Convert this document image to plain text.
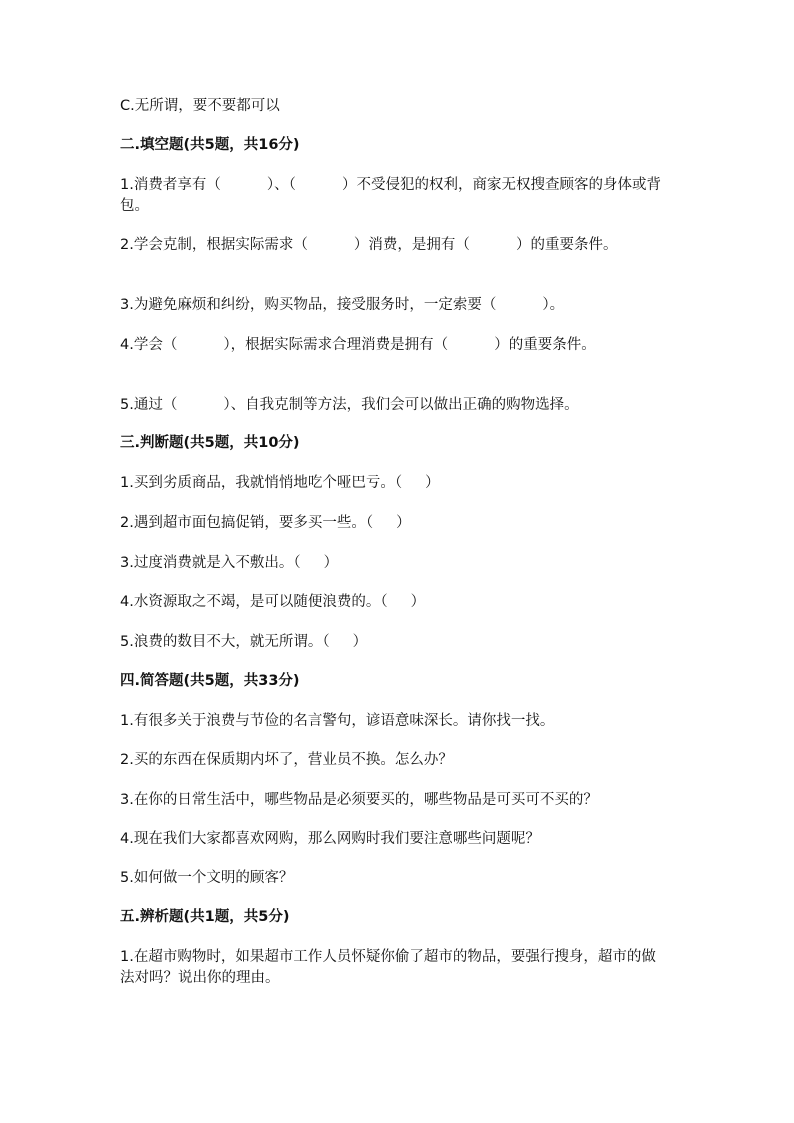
C.无所谓，要不要都可以
二.填空题(共5题，共16分)
1.消费者享有（          ）、（          ）不受侵犯的权利，商家无权搜查顾客的身体或背包。
2.学会克制，根据实际需求（          ）消费，是拥有（          ）的重要条件。
3.为避免麻烦和纠纷，购买物品，接受服务时，一定索要（          ）。
4.学会（          ），根据实际需求合理消费是拥有（          ）的重要条件。
5.通过（          ）、自我克制等方法，我们会可以做出正确的购物选择。
三.判断题(共5题，共10分)
1.买到劣质商品，我就悄悄地吃个哑巴亏。（     ）
2.遇到超市面包搞促销，要多买一些。（     ）
3.过度消费就是入不敷出。（     ）
4.水资源取之不竭，是可以随便浪费的。（     ）
5.浪费的数目不大，就无所谓。（     ）
四.简答题(共5题，共33分)
1.有很多关于浪费与节俭的名言警句，谚语意味深长。请你找一找。
2.买的东西在保质期内坏了，营业员不换。怎么办？
3.在你的日常生活中，哪些物品是必须要买的，哪些物品是可买可不买的？
4.现在我们大家都喜欢网购，那么网购时我们要注意哪些问题呢？
5.如何做一个文明的顾客？
五.辨析题(共1题，共5分)
1.在超市购物时，如果超市工作人员怀疑你偷了超市的物品，要强行搜身，超市的做法对吗？说出你的理由。
